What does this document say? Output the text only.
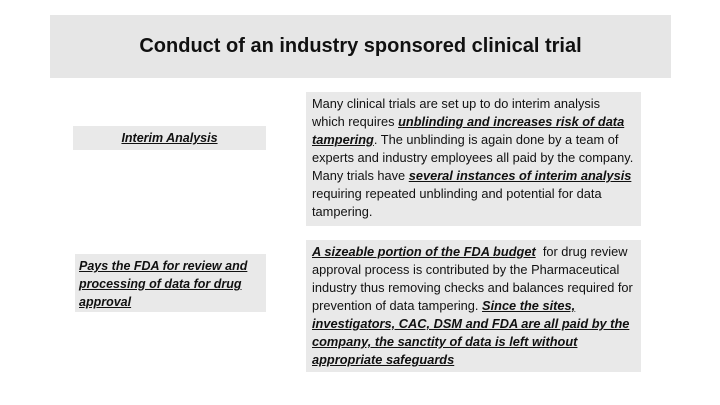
Conduct of an industry sponsored clinical trial
Interim Analysis
Many clinical trials are set up to do interim analysis which requires unblinding and increases risk of data tampering. The unblinding is again done by a team of experts and industry employees all paid by the company. Many trials have several instances of interim analysis requiring repeated unblinding and potential for data tampering.
Pays the FDA for review and processing of data for drug approval
A sizeable portion of the FDA budget  for drug review approval process is contributed by the Pharmaceutical industry thus removing checks and balances required for prevention of data tampering. Since the sites, investigators, CAC, DSM and FDA are all paid by the company, the sanctity of data is left without appropriate safeguards
